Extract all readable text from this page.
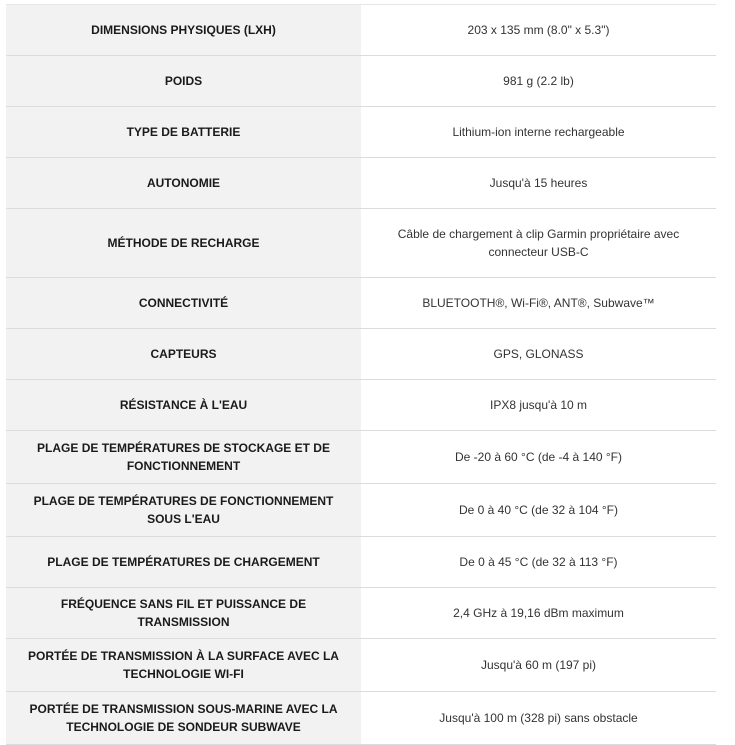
DIMENSIONS PHYSIQUES (LXH)	203 x 135 mm (8.0" x 5.3")
POIDS	981 g (2.2 lb)
TYPE DE BATTERIE	Lithium-ion interne rechargeable
AUTONOMIE	Jusqu'à 15 heures
MÉTHODE DE RECHARGE	Câble de chargement à clip Garmin propriétaire avec connecteur USB-C
CONNECTIVITÉ	BLUETOOTH®, Wi-Fi®, ANT®, Subwave™
CAPTEURS	GPS, GLONASS
RÉSISTANCE À L'EAU	IPX8 jusqu'à 10 m
PLAGE DE TEMPÉRATURES DE STOCKAGE ET DE FONCTIONNEMENT	De -20 à 60 °C (de -4 à 140 °F)
PLAGE DE TEMPÉRATURES DE FONCTIONNEMENT SOUS L'EAU	De 0 à 40 °C (de 32 à 104 °F)
PLAGE DE TEMPÉRATURES DE CHARGEMENT	De 0 à 45 °C (de 32 à 113 °F)
FRÉQUENCE SANS FIL ET PUISSANCE DE TRANSMISSION	2,4 GHz à 19,16 dBm maximum
PORTÉE DE TRANSMISSION À LA SURFACE AVEC LA TECHNOLOGIE WI-FI	Jusqu'à 60 m (197 pi)
PORTÉE DE TRANSMISSION SOUS-MARINE AVEC LA TECHNOLOGIE DE SONDEUR SUBWAVE	Jusqu'à 100 m (328 pi) sans obstacle
